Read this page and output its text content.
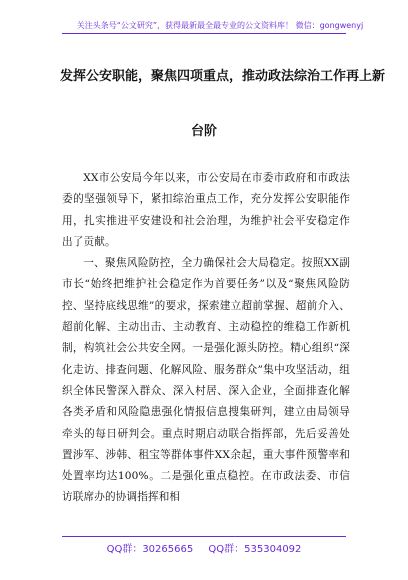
关注头条号“公文研究”，获得最新最全最专业的公文资料库！ 微信：gongwenyj
发挥公安职能，聚焦四项重点，推动政法综治工作再上新
台阶

XX市公安局今年以来，市公安局在市委市政府和市政法委的坚强领导下，紧扣综治重点工作，充分发挥公安职能作用，扎实推进平安建设和社会治理，为维护社会平安稳定作出了贡献。

一、聚焦风险防控，全力确保社会大局稳定。按照XX副市长“始终把维护社会稳定作为首要任务”以及“聚焦风险防控、坚持底线思维”的要求，探索建立超前掌握、超前介入、超前化解、主动出击、主动教育、主动稳控的维稳工作新机制，构筑社会公共安全网。一是强化源头防控。精心组织“深化走访、排查问题、化解风险、服务群众”集中攻坚活动，组织全体民警深入群众、深入村居、深入企业，全面排查化解各类矛盾和风险隐患强化情报信息搜集研判，建立由局领导牵头的每日研判会。重点时期启动联合指挥部，先后妥善处置涉军、涉韩、租宝等群体事件XX余起，重大事件预警率和处置率均达100%。二是强化重点稳控。在市政法委、市信访联席办的协调指挥和相

QQ群：30265665 QQ群：535304092
